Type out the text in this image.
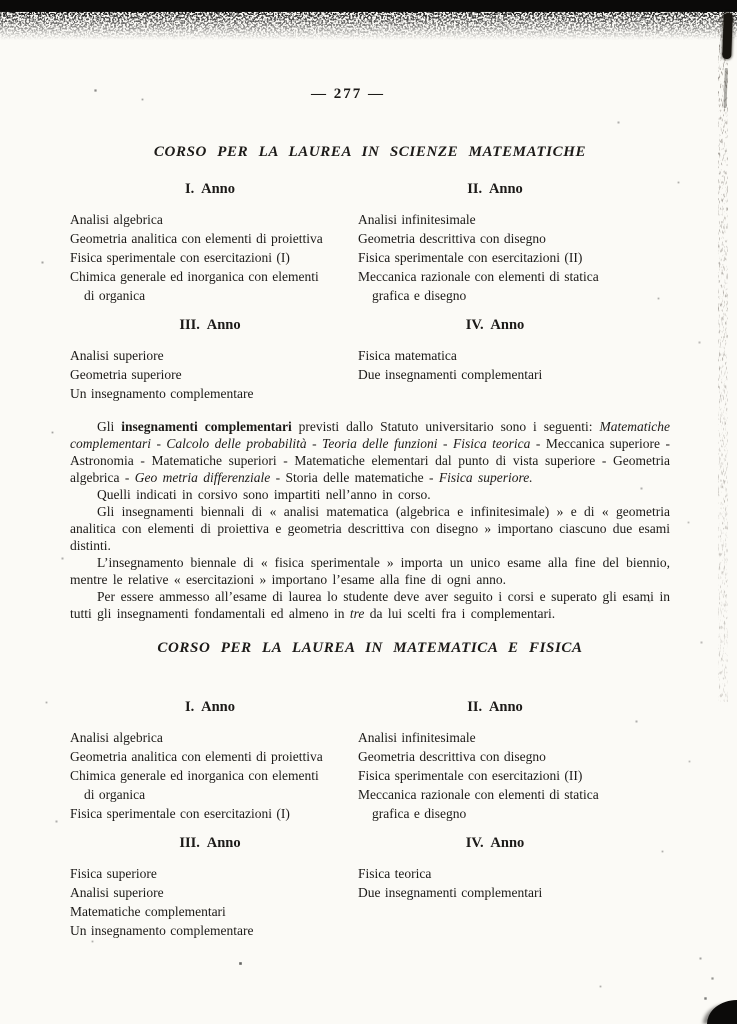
— 277 —
CORSO PER LA LAUREA IN SCIENZE MATEMATICHE
I. Anno
Analisi algebrica
Geometria analitica con elementi di proiettiva
Fisica sperimentale con esercitazioni (I)
Chimica generale ed inorganica con elementi di organica
II. Anno
Analisi infinitesimale
Geometria descrittiva con disegno
Fisica sperimentale con esercitazioni (II)
Meccanica razionale con elementi di statica grafica e disegno
III. Anno
Analisi superiore
Geometria superiore
Un insegnamento complementare
IV. Anno
Fisica matematica
Due insegnamenti complementari

Gli insegnamenti complementari previsti dallo Statuto universitario sono i seguenti: Matematiche complementari - Calcolo delle probabilità - Teoria delle funzioni - Fisica teorica - Meccanica superiore - Astronomia - Matematiche superiori - Matematiche elementari dal punto di vista superiore - Geometria algebrica - Geo metria differenziale - Storia delle matematiche - Fisica superiore.

Quelli indicati in corsivo sono impartiti nell’anno in corso.

Gli insegnamenti biennali di « analisi matematica (algebrica e infinitesimale) » e di « geometria analitica con elementi di proiettiva e geometria descrittiva con disegno » importano ciascuno due esami distinti.

L’insegnamento biennale di « fisica sperimentale » importa un unico esame alla fine del biennio, mentre le relative « esercitazioni » importano l’esame alla fine di ogni anno.

Per essere ammesso all’esame di laurea lo studente deve aver seguito i corsi e superato gli esami in tutti gli insegnamenti fondamentali ed almeno in tre da lui scelti fra i complementari.

CORSO PER LA LAUREA IN MATEMATICA E FISICA
I. Anno
Analisi algebrica
Geometria analitica con elementi di proiettiva
Chimica generale ed inorganica con elementi di organica
Fisica sperimentale con esercitazioni (I)
II. Anno
Analisi infinitesimale
Geometria descrittiva con disegno
Fisica sperimentale con esercitazioni (II)
Meccanica razionale con elementi di statica grafica e disegno
III. Anno
Fisica superiore
Analisi superiore
Matematiche complementari
Un insegnamento complementare
IV. Anno
Fisica teorica
Due insegnamenti complementari
